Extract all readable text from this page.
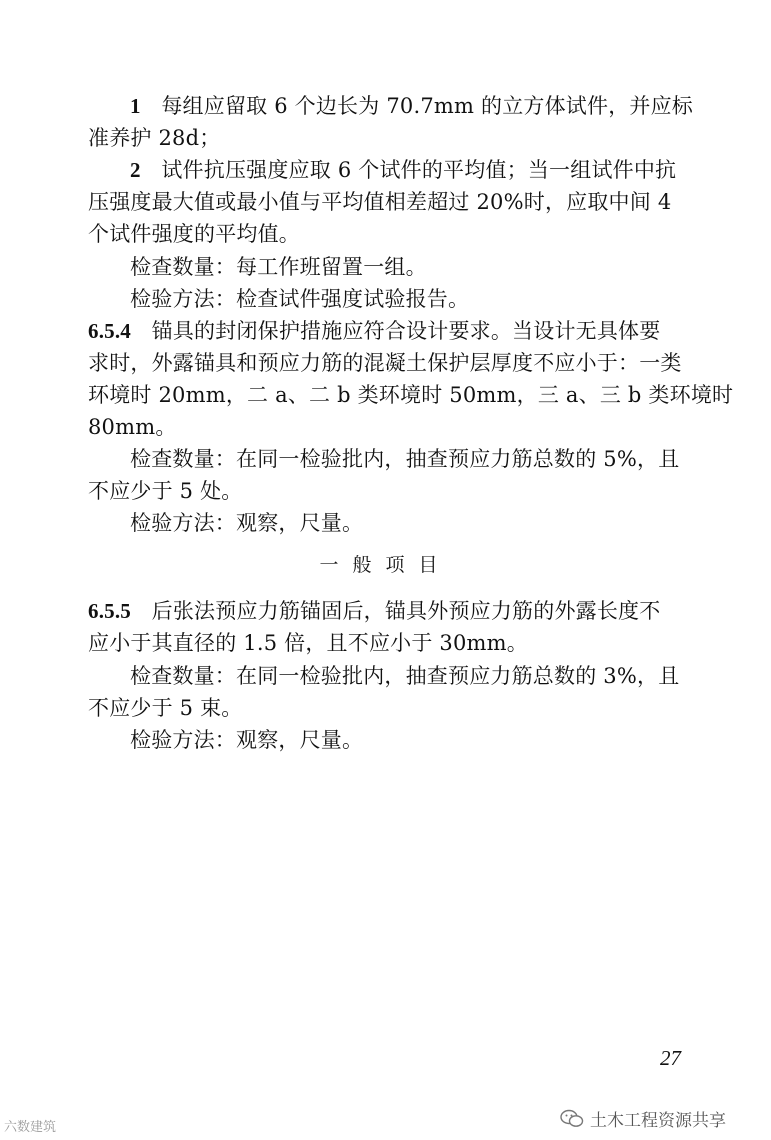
1 每组应留取 6 个边长为 70.7mm 的立方体试件，并应标
准养护 28d；
2 试件抗压强度应取 6 个试件的平均值；当一组试件中抗
压强度最大值或最小值与平均值相差超过 20%时，应取中间 4
个试件强度的平均值。
检查数量：每工作班留置一组。
检验方法：检查试件强度试验报告。
6.5.4 锚具的封闭保护措施应符合设计要求。当设计无具体要
求时，外露锚具和预应力筋的混凝土保护层厚度不应小于：一类
环境时 20mm，二 a、二 b 类环境时 50mm，三 a、三 b 类环境时
80mm。
检查数量：在同一检验批内，抽查预应力筋总数的 5%，且
不应少于 5 处。
检验方法：观察，尺量。
一般项目
6.5.5 后张法预应力筋锚固后，锚具外预应力筋的外露长度不
应小于其直径的 1.5 倍，且不应小于 30mm。
检查数量：在同一检验批内，抽查预应力筋总数的 3%，且
不应少于 5 束。
检验方法：观察，尺量。
27
六数建筑	土木工程资源共享
